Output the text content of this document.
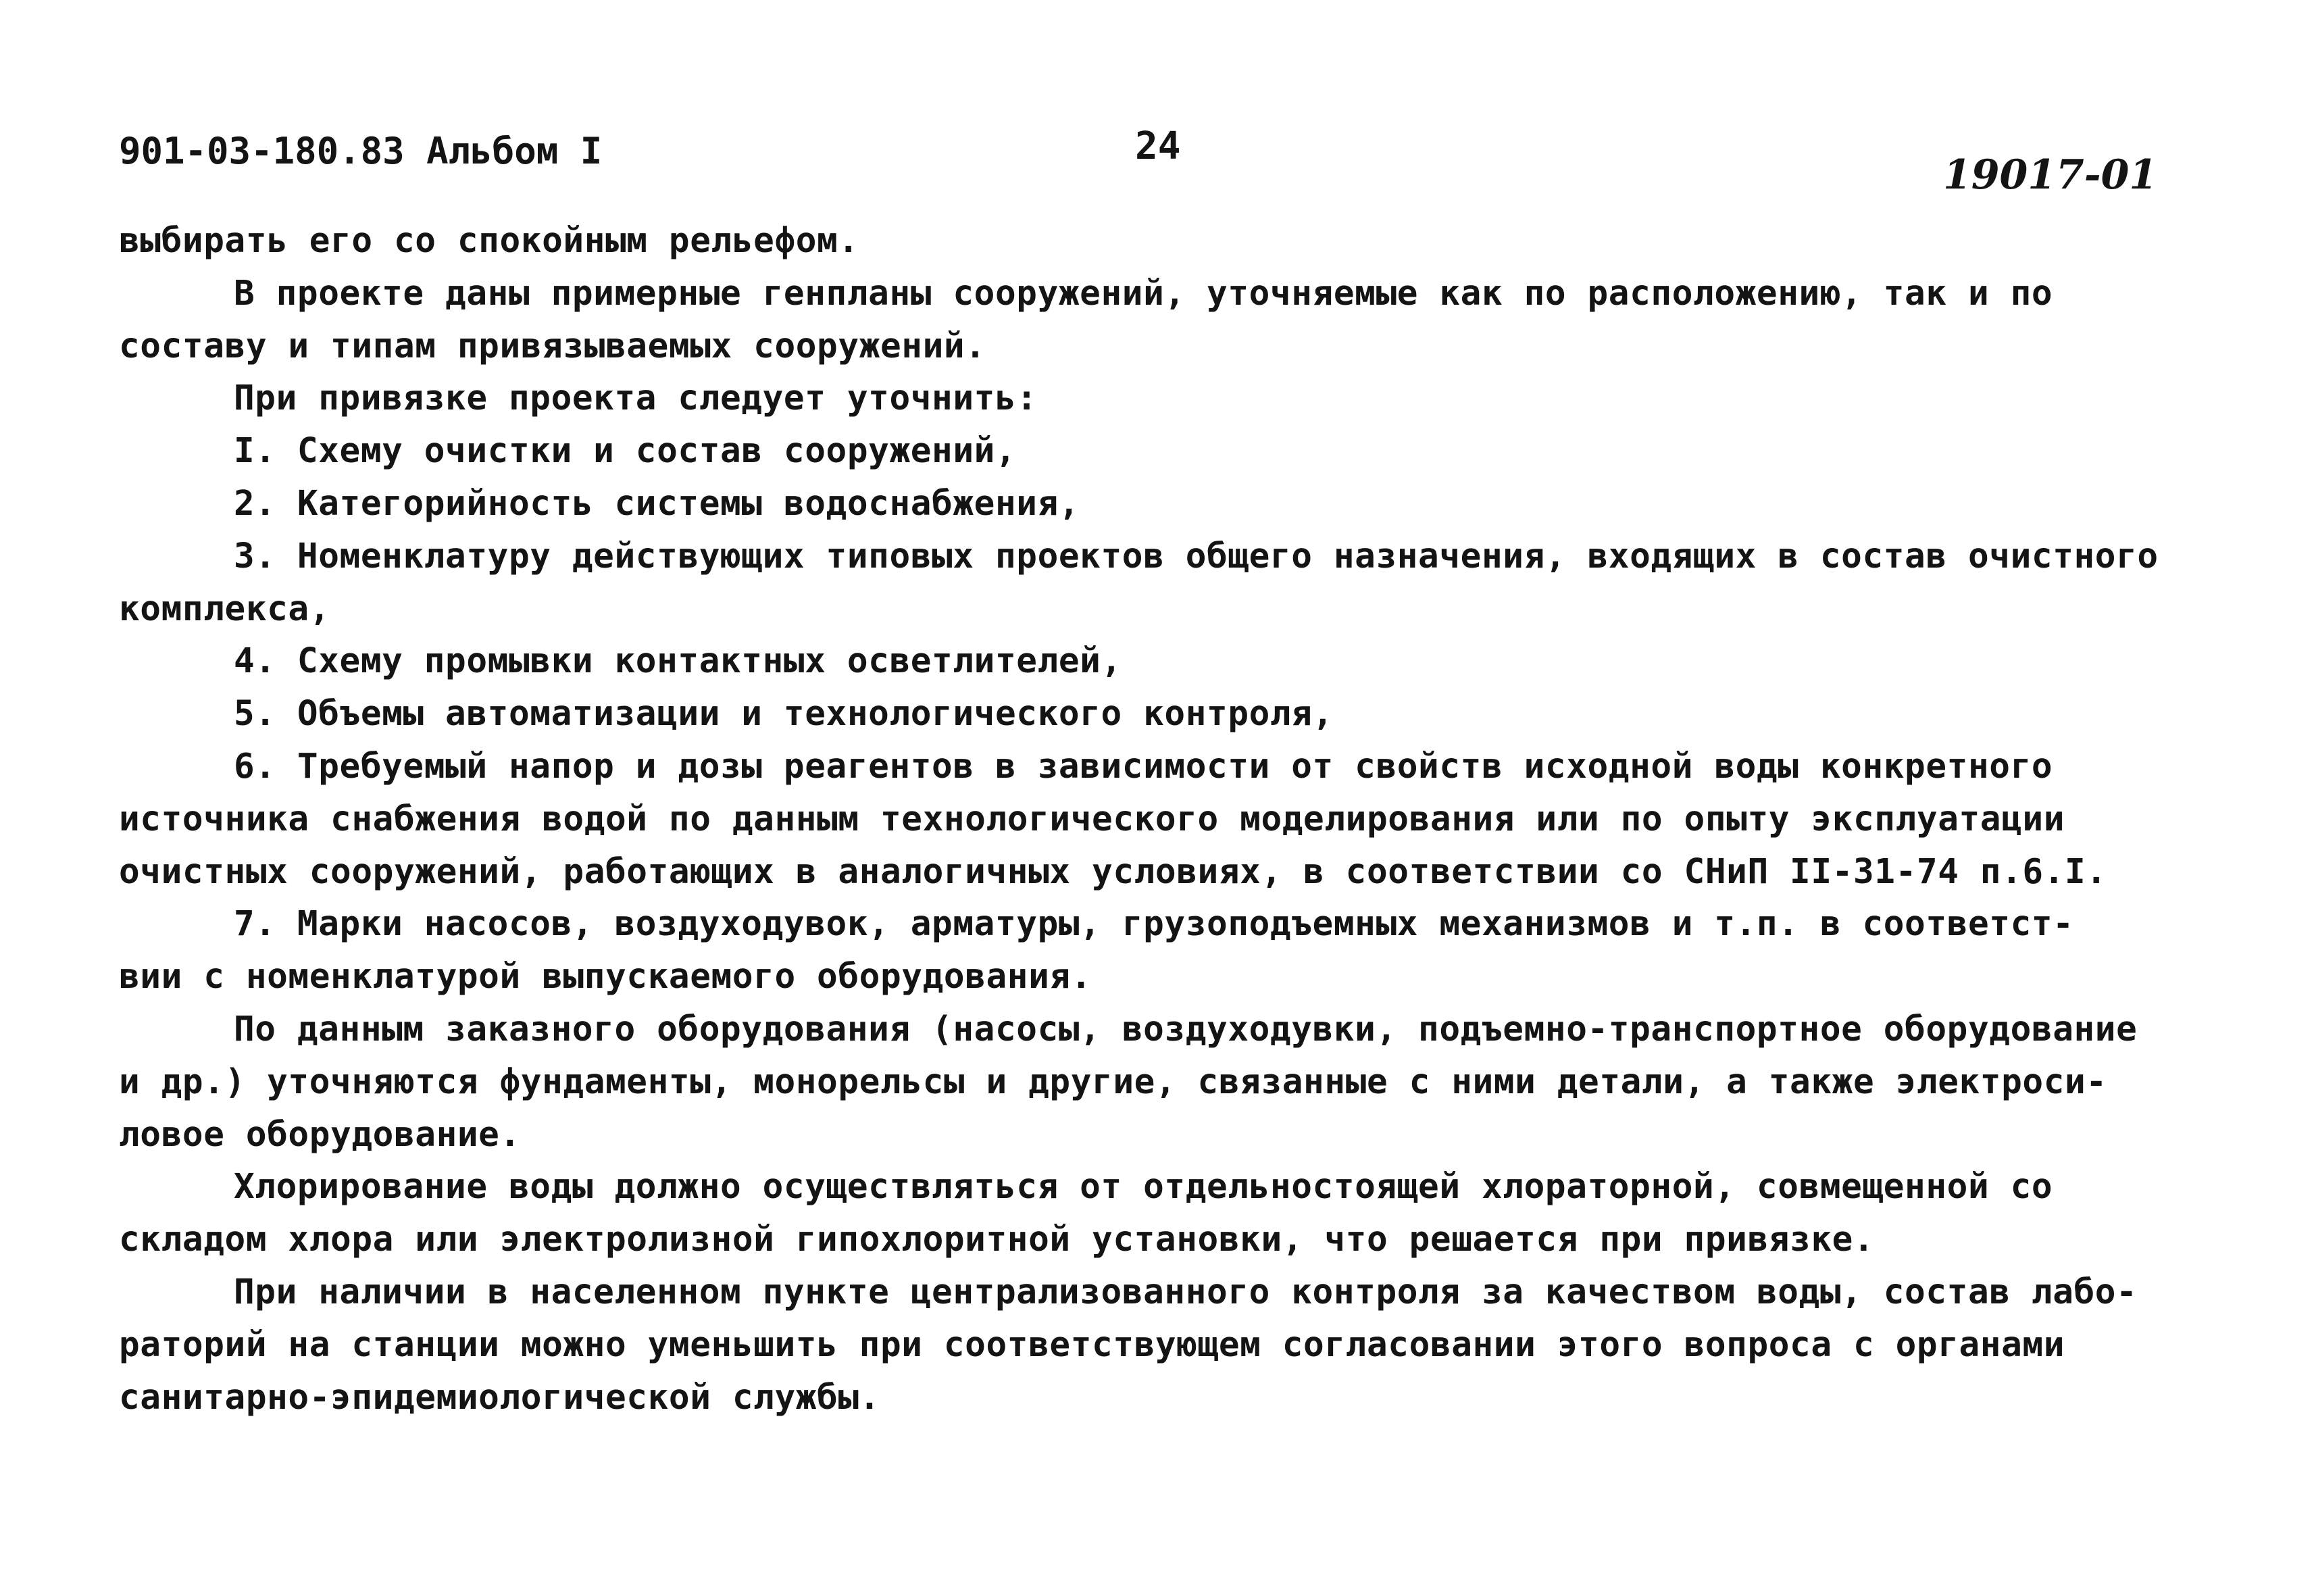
901-03-180.83 Альбом I	24
19017-01
выбирать его со спокойным рельефом.
В проекте даны примерные генпланы сооружений, уточняемые как по расположению, так и по
составу и типам привязываемых сооружений.
При привязке проекта следует уточнить:
I. Схему очистки и состав сооружений,
2. Категорийность системы водоснабжения,
3. Номенклатуру действующих типовых проектов общего назначения, входящих в состав очистного
комплекса,
4. Схему промывки контактных осветлителей,
5. Объемы автоматизации и технологического контроля,
6. Требуемый напор и дозы реагентов в зависимости от свойств исходной воды конкретного
источника снабжения водой по данным технологического моделирования или по опыту эксплуатации
очистных сооружений, работающих в аналогичных условиях, в соответствии со СНиП II-31-74 п.6.I.
7. Марки насосов, воздуходувок, арматуры, грузоподъемных механизмов и т.п. в соответст-
вии с номенклатурой выпускаемого оборудования.
По данным заказного оборудования (насосы, воздуходувки, подъемно-транспортное оборудование
и др.) уточняются фундаменты, монорельсы и другие, связанные с ними детали, а также электроси-
ловое оборудование.
Хлорирование воды должно осуществляться от отдельностоящей хлораторной, совмещенной со
складом хлора или электролизной гипохлоритной установки, что решается при привязке.
При наличии в населенном пункте централизованного контроля за качеством воды, состав лабо-
раторий на станции можно уменьшить при соответствующем согласовании этого вопроса с органами
санитарно-эпидемиологической службы.
